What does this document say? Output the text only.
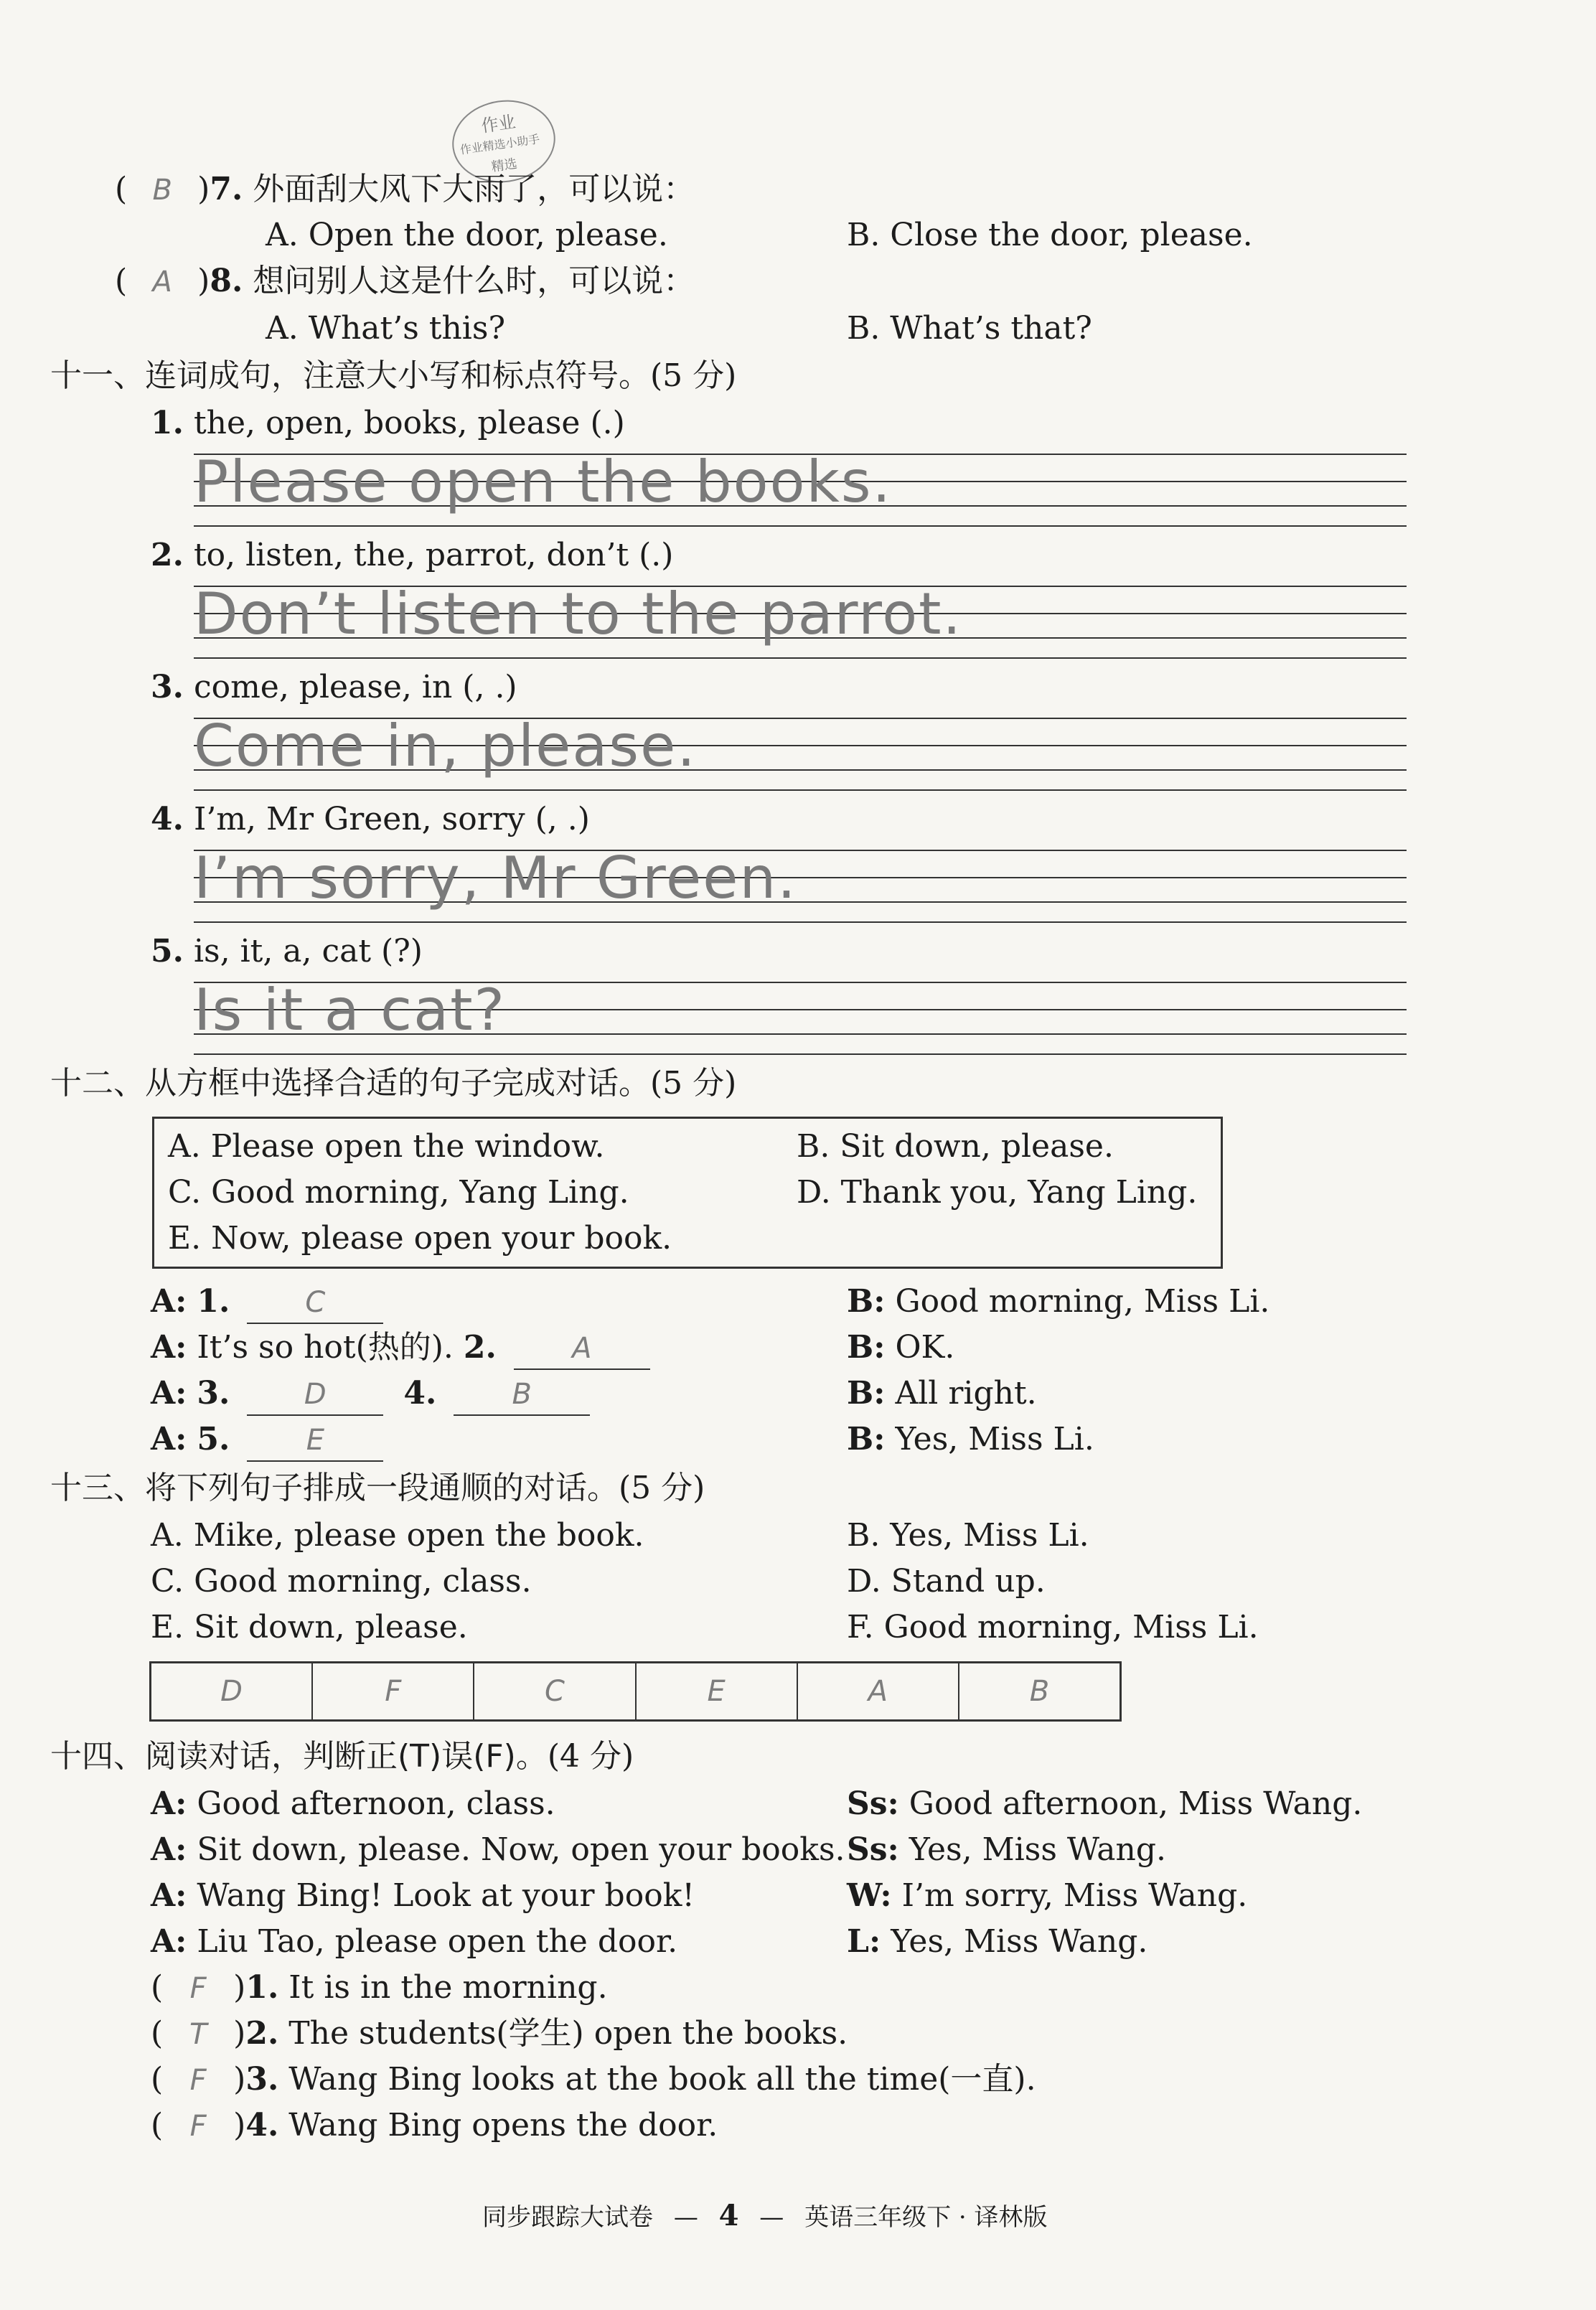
作业
作业精选小助手
精选
( B )7. 外面刮大风下大雨了，可以说：
A. Open the door, please.	B. Close the door, please.
( A )8. 想问别人这是什么时，可以说：
A. What’s this?	B. What’s that?
十一、连词成句，注意大小写和标点符号。(5 分)
1. the, open, books, please (.)
Please open the books.
2. to, listen, the, parrot, don’t (.)
Don’t listen to the parrot.
3. come, please, in (, .)
Come in, please.
4. I’m, Mr Green, sorry (, .)
I’m sorry, Mr Green.
5. is, it, a, cat (?)
Is it a cat?
十二、从方框中选择合适的句子完成对话。(5 分)
A. Please open the window.	B. Sit down, please.
C. Good morning, Yang Ling.	D. Thank you, Yang Ling.
E. Now, please open your book.
A: 1.	C	B: Good morning, Miss Li.
A: It’s so hot(热的). 2.	A	B: OK.
A: 3.	D 4.	B	B: All right.
A: 5.	E	B: Yes, Miss Li.
十三、将下列句子排成一段通顺的对话。(5 分)
A. Mike, please open the book.	B. Yes, Miss Li.
C. Good morning, class.	D. Stand up.
E. Sit down, please.	F. Good morning, Miss Li.
D	F	C	E	A	B
十四、阅读对话，判断正(T)误(F)。(4 分)
A: Good afternoon, class.	Ss: Good afternoon, Miss Wang.
A: Sit down, please. Now, open your books. Ss: Yes, Miss Wang.
A: Wang Bing! Look at your book!	W: I’m sorry, Miss Wang.
A: Liu Tao, please open the door.	L: Yes, Miss Wang.
( F )1. It is in the morning.
( T )2. The students(学生) open the books.
( F )3. Wang Bing looks at the book all the time(一直).
( F )4. Wang Bing opens the door.
同步跟踪大试卷 — 4 — 英语三年级下 · 译林版
